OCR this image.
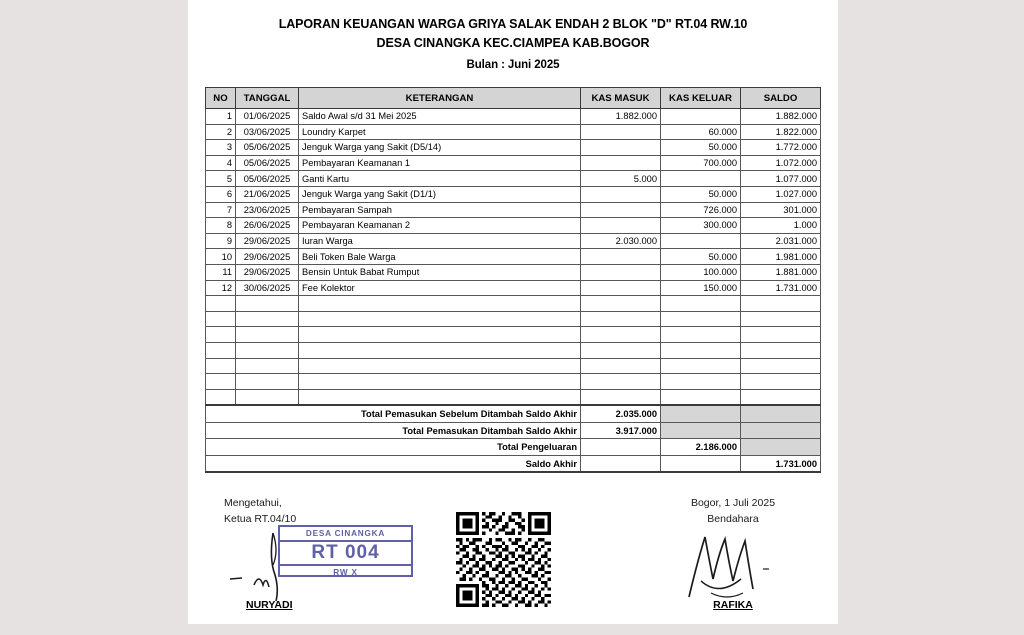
LAPORAN KEUANGAN WARGA GRIYA SALAK ENDAH 2 BLOK "D" RT.04 RW.10
DESA CINANGKA KEC.CIAMPEA KAB.BOGOR
Bulan : Juni 2025
NO	TANGGAL	KETERANGAN	KAS MASUK	KAS KELUAR	SALDO
1	01/06/2025	Saldo Awal s/d 31 Mei 2025	1.882.000		1.882.000
2	03/06/2025	Loundry Karpet		60.000	1.822.000
3	05/06/2025	Jenguk Warga yang Sakit (D5/14)		50.000	1.772.000
4	05/06/2025	Pembayaran Keamanan 1		700.000	1.072.000
5	05/06/2025	Ganti Kartu	5.000		1.077.000
6	21/06/2025	Jenguk Warga yang Sakit (D1/1)		50.000	1.027.000
7	23/06/2025	Pembayaran Sampah		726.000	301.000
8	26/06/2025	Pembayaran Keamanan 2		300.000	1.000
9	29/06/2025	Iuran Warga	2.030.000		2.031.000
10	29/06/2025	Beli Token Bale Warga		50.000	1.981.000
11	29/06/2025	Bensin Untuk Babat Rumput		100.000	1.881.000
12	30/06/2025	Fee Kolektor		150.000	1.731.000

Total Pemasukan Sebelum Ditambah Saldo Akhir			2.035.000		
Total Pemasukan Ditambah Saldo Akhir			3.917.000		
Total Pengeluaran				2.186.000	
Saldo Akhir					1.731.000
Mengetahui,
Ketua RT.04/10
DESA CINANGKA
RT 004
RW X
NURYADI
Bogor, 1 Juli 2025
Bendahara
RAFIKA
